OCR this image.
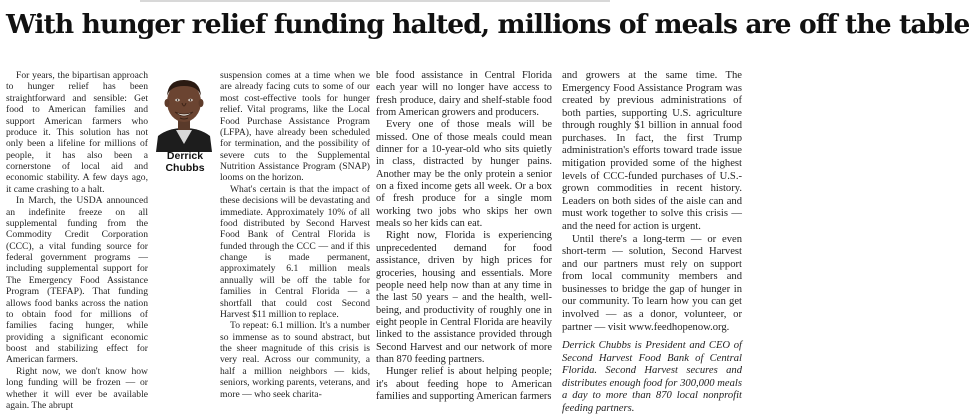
With hunger relief funding halted, millions of meals are off the table

For years, the bipartisan approach to hunger relief has been straightforward and sensible: Get food to American families and support American farmers who produce it. This solution has not only been a lifeline for millions of people, it has also been a cornerstone of local aid and economic stability. A few days ago, it came crashing to a halt.

In March, the USDA announced an indefinite freeze on all supplemental funding from the Commodity Credit Corporation (CCC), a vital funding source for federal government programs — including supplemental support for The Emergency Food Assistance Program (TEFAP). That funding allows food banks across the nation to obtain food for millions of families facing hunger, while providing a significant economic boost and stabilizing effect for American farmers.

Right now, we don't know how long funding will be frozen — or whether it will ever be available again. The abrupt

Derrick
Chubbs

suspension comes at a time when we are already facing cuts to some of our most cost-effective tools for hunger relief. Vital programs, like the Local Food Purchase Assistance Program (LFPA), have already been scheduled for termination, and the possibility of severe cuts to the Supplemental Nutrition Assistance Program (SNAP) looms on the horizon.

What's certain is that the impact of these decisions will be devastating and immediate. Approximately 10% of all food distributed by Second Harvest Food Bank of Central Florida is funded through the CCC — and if this change is made permanent, approximately 6.1 million meals annually will be off the table for families in Central Florida — a shortfall that could cost Second Harvest $11 million to replace.

To repeat: 6.1 million. It's a number so immense as to sound abstract, but the sheer magnitude of this crisis is very real. Across our community, a half a million neighbors — kids, seniors, working parents, veterans, and more — who seek charita-

ble food assistance in Central Florida each year will no longer have access to fresh produce, dairy and shelf-stable food from American growers and producers.

Every one of those meals will be missed. One of those meals could mean dinner for a 10-year-old who sits quietly in class, distracted by hunger pains. Another may be the only protein a senior on a fixed income gets all week. Or a box of fresh produce for a single mom working two jobs who skips her own meals so her kids can eat.

Right now, Florida is experiencing unprecedented demand for food assistance, driven by high prices for groceries, housing and essentials. More people need help now than at any time in the last 50 years – and the health, well-being, and productivity of roughly one in eight people in Central Florida are heavily linked to the assistance provided through Second Harvest and our network of more than 870 feeding partners.

Hunger relief is about helping people; it's about feeding hope to American families and supporting American farmers

and growers at the same time. The Emergency Food Assistance Program was created by previous administrations of both parties, supporting U.S. agriculture through roughly $1 billion in annual food purchases. In fact, the first Trump administration's efforts toward trade issue mitigation provided some of the highest levels of CCC-funded purchases of U.S.-grown commodities in recent history. Leaders on both sides of the aisle can and must work together to solve this crisis — and the need for action is urgent.

Until there's a long-term — or even short-term — solution, Second Harvest and our partners must rely on support from local community members and businesses to bridge the gap of hunger in our community. To learn how you can get involved — as a donor, volunteer, or partner — visit www.feedhopenow.org.

Derrick Chubbs is President and CEO of Second Harvest Food Bank of Central Florida. Second Harvest secures and distributes enough food for 300,000 meals a day to more than 870 local nonprofit feeding partners.
